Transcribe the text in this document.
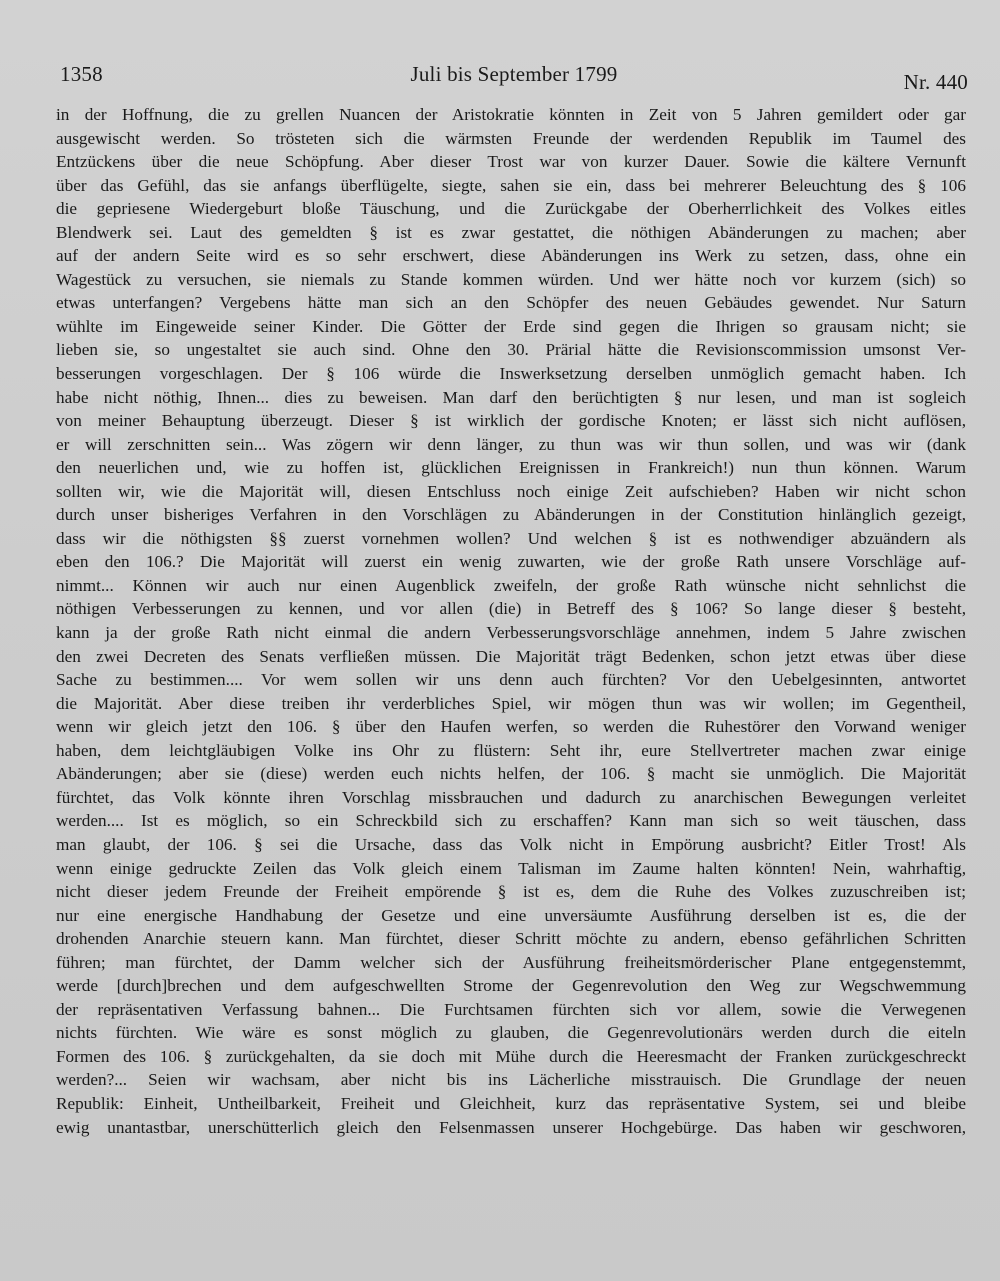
1358	Juli bis September 1799	Nr. 440
in der Hoffnung, die zu grellen Nuancen der Aristokratie könnten in Zeit von 5 Jahren gemildert oder gar
ausgewischt werden. So trösteten sich die wärmsten Freunde der werdenden Republik im Taumel des
Entzückens über die neue Schöpfung. Aber dieser Trost war von kurzer Dauer. Sowie die kältere Vernunft
über das Gefühl, das sie anfangs überflügelte, siegte, sahen sie ein, dass bei mehrerer Beleuchtung des § 106
die gepriesene Wiedergeburt bloße Täuschung, und die Zurückgabe der Oberherrlichkeit des Volkes eitles
Blendwerk sei. Laut des gemeldten § ist es zwar gestattet, die nöthigen Abänderungen zu machen; aber
auf der andern Seite wird es so sehr erschwert, diese Abänderungen ins Werk zu setzen, dass, ohne ein
Wagestück zu versuchen, sie niemals zu Stande kommen würden. Und wer hätte noch vor kurzem (sich) so
etwas unterfangen? Vergebens hätte man sich an den Schöpfer des neuen Gebäudes gewendet. Nur Saturn
wühlte im Eingeweide seiner Kinder. Die Götter der Erde sind gegen die Ihrigen so grausam nicht; sie
lieben sie, so ungestaltet sie auch sind. Ohne den 30. Prärial hätte die Revisionscommission umsonst Ver-
besserungen vorgeschlagen. Der § 106 würde die Inswerksetzung derselben unmöglich gemacht haben. Ich
habe nicht nöthig, Ihnen... dies zu beweisen. Man darf den berüchtigten § nur lesen, und man ist sogleich
von meiner Behauptung überzeugt. Dieser § ist wirklich der gordische Knoten; er lässt sich nicht auflösen,
er will zerschnitten sein... Was zögern wir denn länger, zu thun was wir thun sollen, und was wir (dank
den neuerlichen und, wie zu hoffen ist, glücklichen Ereignissen in Frankreich!) nun thun können. Warum
sollten wir, wie die Majorität will, diesen Entschluss noch einige Zeit aufschieben? Haben wir nicht schon
durch unser bisheriges Verfahren in den Vorschlägen zu Abänderungen in der Constitution hinlänglich gezeigt,
dass wir die nöthigsten §§ zuerst vornehmen wollen? Und welchen § ist es nothwendiger abzuändern als
eben den 106.? Die Majorität will zuerst ein wenig zuwarten, wie der große Rath unsere Vorschläge auf-
nimmt... Können wir auch nur einen Augenblick zweifeln, der große Rath wünsche nicht sehnlichst die
nöthigen Verbesserungen zu kennen, und vor allen (die) in Betreff des § 106? So lange dieser § besteht,
kann ja der große Rath nicht einmal die andern Verbesserungsvorschläge annehmen, indem 5 Jahre zwischen
den zwei Decreten des Senats verfließen müssen. Die Majorität trägt Bedenken, schon jetzt etwas über diese
Sache zu bestimmen.... Vor wem sollen wir uns denn auch fürchten? Vor den Uebelgesinnten, antwortet
die Majorität. Aber diese treiben ihr verderbliches Spiel, wir mögen thun was wir wollen; im Gegentheil,
wenn wir gleich jetzt den 106. § über den Haufen werfen, so werden die Ruhestörer den Vorwand weniger
haben, dem leichtgläubigen Volke ins Ohr zu flüstern: Seht ihr, eure Stellvertreter machen zwar einige
Abänderungen; aber sie (diese) werden euch nichts helfen, der 106. § macht sie unmöglich. Die Majorität
fürchtet, das Volk könnte ihren Vorschlag missbrauchen und dadurch zu anarchischen Bewegungen verleitet
werden.... Ist es möglich, so ein Schreckbild sich zu erschaffen? Kann man sich so weit täuschen, dass
man glaubt, der 106. § sei die Ursache, dass das Volk nicht in Empörung ausbricht? Eitler Trost! Als
wenn einige gedruckte Zeilen das Volk gleich einem Talisman im Zaume halten könnten! Nein, wahrhaftig,
nicht dieser jedem Freunde der Freiheit empörende § ist es, dem die Ruhe des Volkes zuzuschreiben ist;
nur eine energische Handhabung der Gesetze und eine unversäumte Ausführung derselben ist es, die der
drohenden Anarchie steuern kann. Man fürchtet, dieser Schritt möchte zu andern, ebenso gefährlichen Schritten
führen; man fürchtet, der Damm welcher sich der Ausführung freiheitsmörderischer Plane entgegenstemmt,
werde [durch]brechen und dem aufgeschwellten Strome der Gegenrevolution den Weg zur Wegschwemmung
der repräsentativen Verfassung bahnen... Die Furchtsamen fürchten sich vor allem, sowie die Verwegenen
nichts fürchten. Wie wäre es sonst möglich zu glauben, die Gegenrevolutionärs werden durch die eiteln
Formen des 106. § zurückgehalten, da sie doch mit Mühe durch die Heeresmacht der Franken zurückgeschreckt
werden?... Seien wir wachsam, aber nicht bis ins Lächerliche misstrauisch. Die Grundlage der neuen
Republik: Einheit, Untheilbarkeit, Freiheit und Gleichheit, kurz das repräsentative System, sei und bleibe
ewig unantastbar, unerschütterlich gleich den Felsenmassen unserer Hochgebürge. Das haben wir geschworen,
